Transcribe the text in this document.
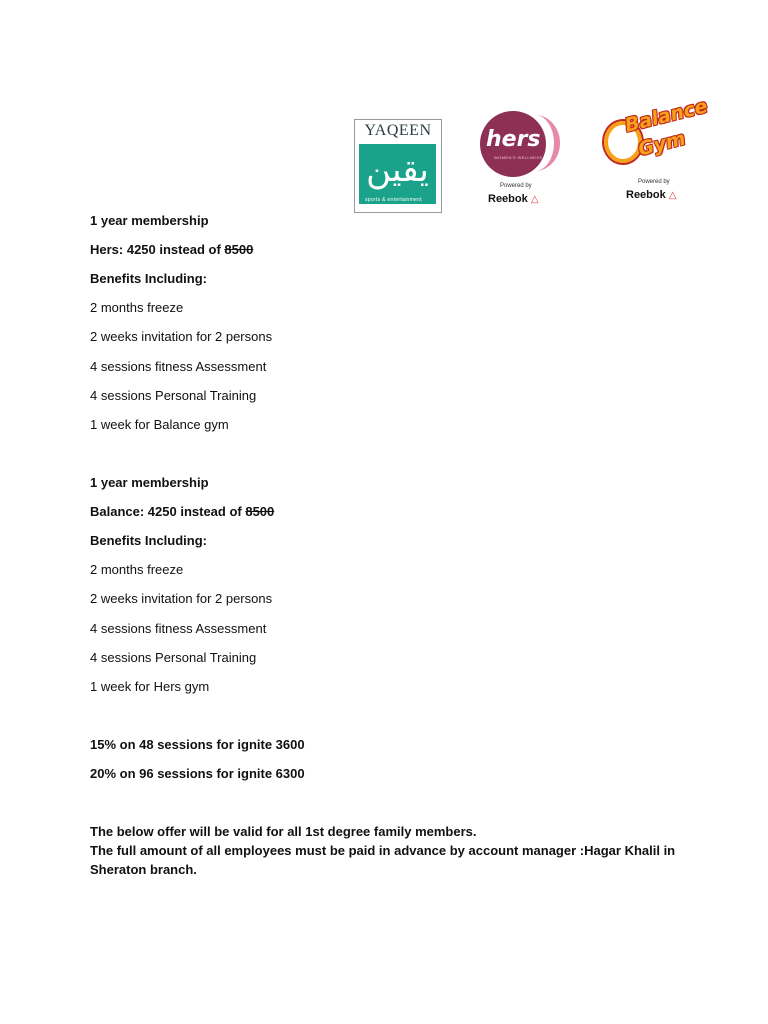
YAQEEN
يقين
sports & entertainment
hers
WOMEN'S WELLNESS
Powered by
Reebok △
Balance
Gym
Powered by
Reebok △
1 year membership
Hers: 4250 instead of 8500
Benefits Including:
2 months freeze
2 weeks invitation for 2 persons
4 sessions fitness Assessment
4 sessions Personal Training
1 week for Balance gym
1 year membership
Balance: 4250 instead of 8500
Benefits Including:
2 months freeze
2 weeks invitation for 2 persons
4 sessions fitness Assessment
4 sessions Personal Training
1 week for Hers gym
15% on 48 sessions for ignite 3600
20% on 96 sessions for ignite 6300
The below offer will be valid for all 1st degree family members.
The full amount of all employees must be paid in advance by account manager :Hagar Khalil in Sheraton branch.
